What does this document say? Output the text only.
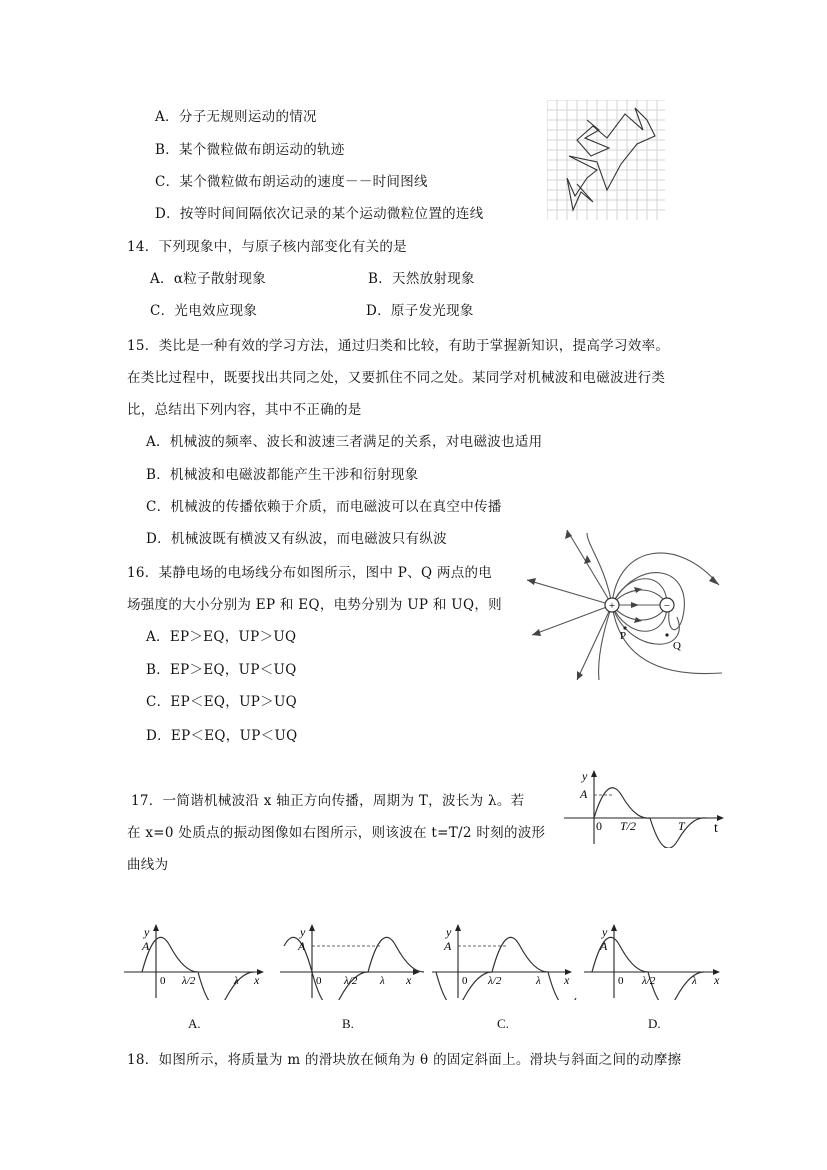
A．分子无规则运动的情况
B．某个微粒做布朗运动的轨迹
C．某个微粒做布朗运动的速度－－时间图线
D．按等时间间隔依次记录的某个运动微粒位置的连线
14．下列现象中，与原子核内部变化有关的是
A．α粒子散射现象	B．天然放射现象
C．光电效应现象	D．原子发光现象
15．类比是一种有效的学习方法，通过归类和比较，有助于掌握新知识，提高学习效率。
在类比过程中，既要找出共同之处，又要抓住不同之处。某同学对机械波和电磁波进行类
比，总结出下列内容，其中不正确的是
A．机械波的频率、波长和波速三者满足的关系，对电磁波也适用
B．机械波和电磁波都能产生干涉和衍射现象
C．机械波的传播依赖于介质，而电磁波可以在真空中传播
D．机械波既有横波又有纵波，而电磁波只有纵波
16．某静电场的电场线分布如图所示，图中 P、Q 两点的电
场强度的大小分别为 EP 和 EQ，电势分别为 UP 和 UQ，则
A．EP＞EQ，UP＞UQ
B．EP＞EQ，UP＜UQ
C．EP＜EQ，UP＞UQ
D．EP＜EQ，UP＜UQ
+	−
P
Q
17．一简谐机械波沿 x 轴正方向传播，周期为 T，波长为 λ。若
在 x=0 处质点的振动图像如右图所示，则该波在 t=T/2 时刻的波形
曲线为
y
A
0 T/2	T t
y
A
0 λ/2	λ x
A.
y
A
0 λ/2 λ x
B.
y
A
0 λ/2	λ x
C.
y
A
0 λ/2	λ x
D.
18．如图所示，将质量为 m 的滑块放在倾角为 θ 的固定斜面上。滑块与斜面之间的动摩擦
